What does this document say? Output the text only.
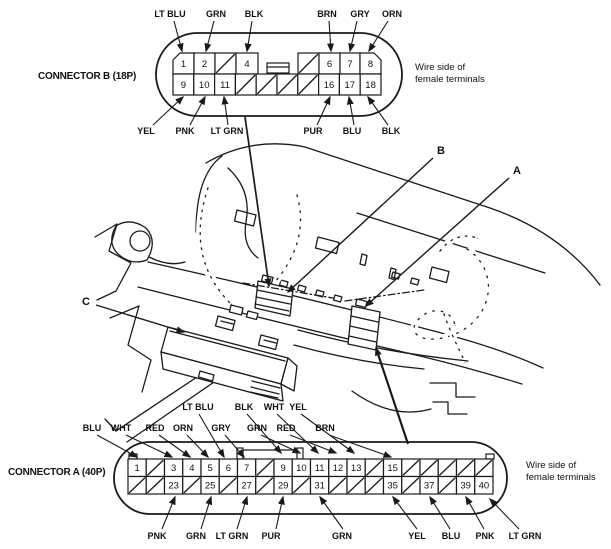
CONNECTOR B (18P)
Wire side of
female terminals
CONNECTOR A (40P)
Wire side of
female terminals
1 2	4	6 7 8
9 10 11	16 17 18
LT BLU GRN BLK	BRN GRY ORN
YEL PNK LT GRN	PUR BLU BLK
1	3 4 5 6 7	9 10 11 12 13	15
23	25	27	29	31	35	37	39 40
BLU WHT RED ORN
LT BLU
GRY
BLK
GRN
WHT
RED
YEL
BRN
PNK GRN LT GRN PUR	GRN	YEL BLU PNK LT GRN
A
B
C
